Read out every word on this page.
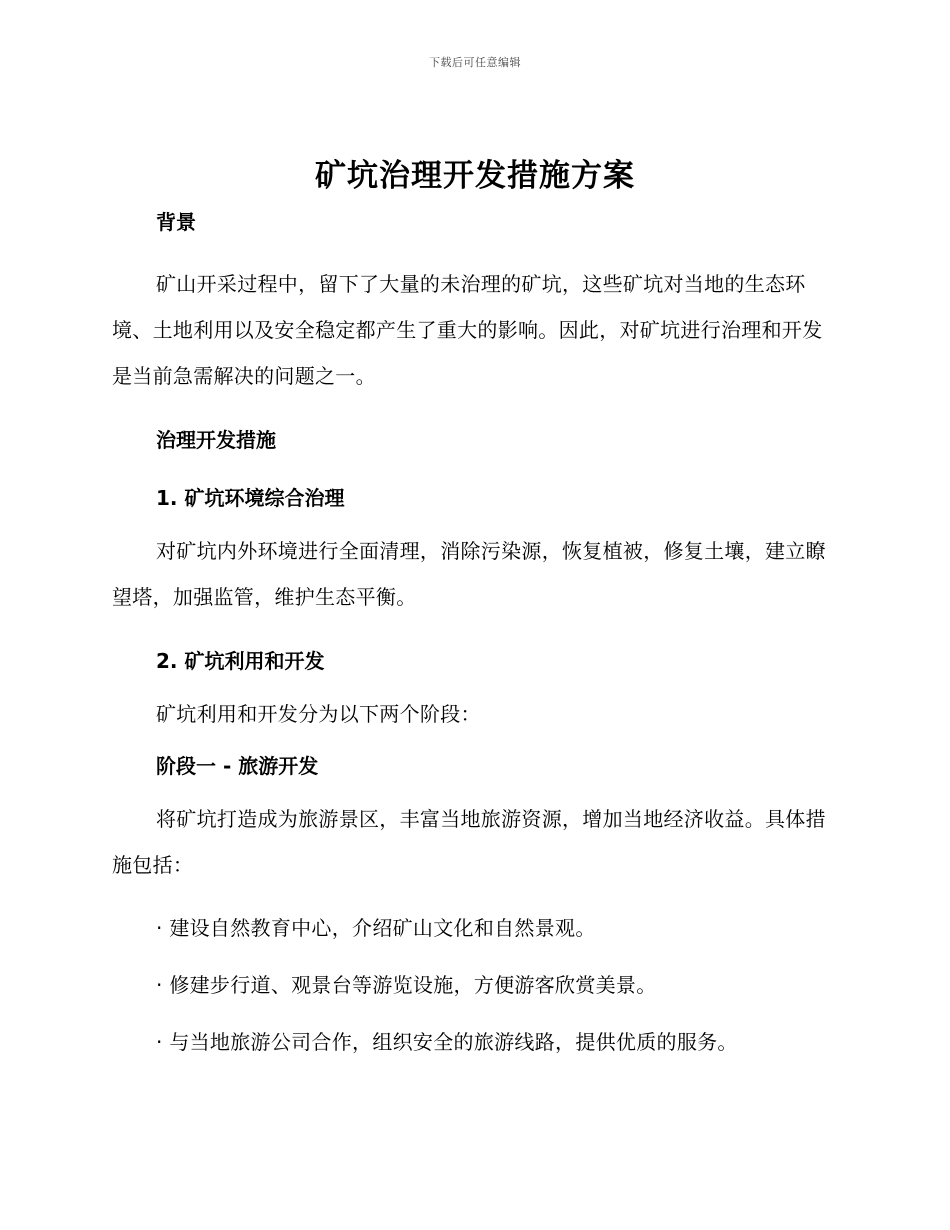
下载后可任意编辑
矿坑治理开发措施方案

背景

矿山开采过程中，留下了大量的未治理的矿坑，这些矿坑对当地的生态环境、土地利用以及安全稳定都产生了重大的影响。因此，对矿坑进行治理和开发是当前急需解决的问题之一。

治理开发措施

1. 矿坑环境综合治理

对矿坑内外环境进行全面清理，消除污染源，恢复植被，修复土壤，建立瞭望塔，加强监管，维护生态平衡。

2. 矿坑利用和开发

矿坑利用和开发分为以下两个阶段：

阶段一 - 旅游开发

将矿坑打造成为旅游景区，丰富当地旅游资源，增加当地经济收益。具体措施包括：

· 建设自然教育中心，介绍矿山文化和自然景观。

· 修建步行道、观景台等游览设施，方便游客欣赏美景。

· 与当地旅游公司合作，组织安全的旅游线路，提供优质的服务。
